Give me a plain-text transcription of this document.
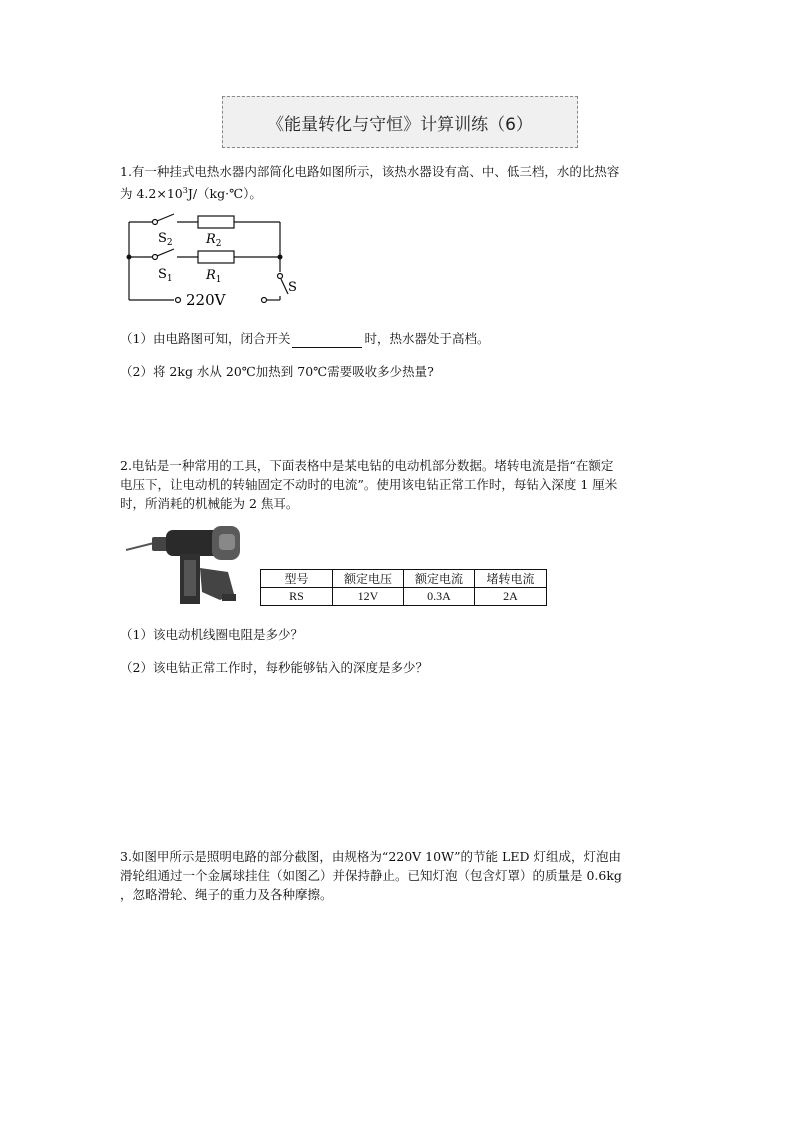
《能量转化与守恒》计算训练（6）
1.有一种挂式电热水器内部简化电路如图所示，该热水器设有高、中、低三档，水的比热容
为 $4.2\times 10^3J/(kg\cdot℃)$。
$S_2$	$R_2$
$S_1$	$R_1$	S
220V
（1）由电路图可知，闭合开关	时，热水器处于高档。
（2）将 2kg 水从 20℃加热到 70℃需要吸收多少热量?
2.电钻是一种常用的工具，下面表格中是某电钻的电动机部分数据。堵转电流是指“在额定
电压下，让电动机的转轴固定不动时的电流”。使用该电钻正常工作时，每钻入深度 1 厘米
时，所消耗的机械能为 2 焦耳。
型号	额定电压	额定电流	堵转电流
RS	12V	0.3A	2A
（1）该电动机线圈电阻是多少？
（2）该电钻正常工作时，每秒能够钻入的深度是多少？
3.如图甲所示是照明电路的部分截图，由规格为“220V 10W”的节能 LED 灯组成，灯泡由
滑轮组通过一个金属球挂住（如图乙）并保持静止。已知灯泡（包含灯罩）的质量是 0.6kg
，忽略滑轮、绳子的重力及各种摩擦。
